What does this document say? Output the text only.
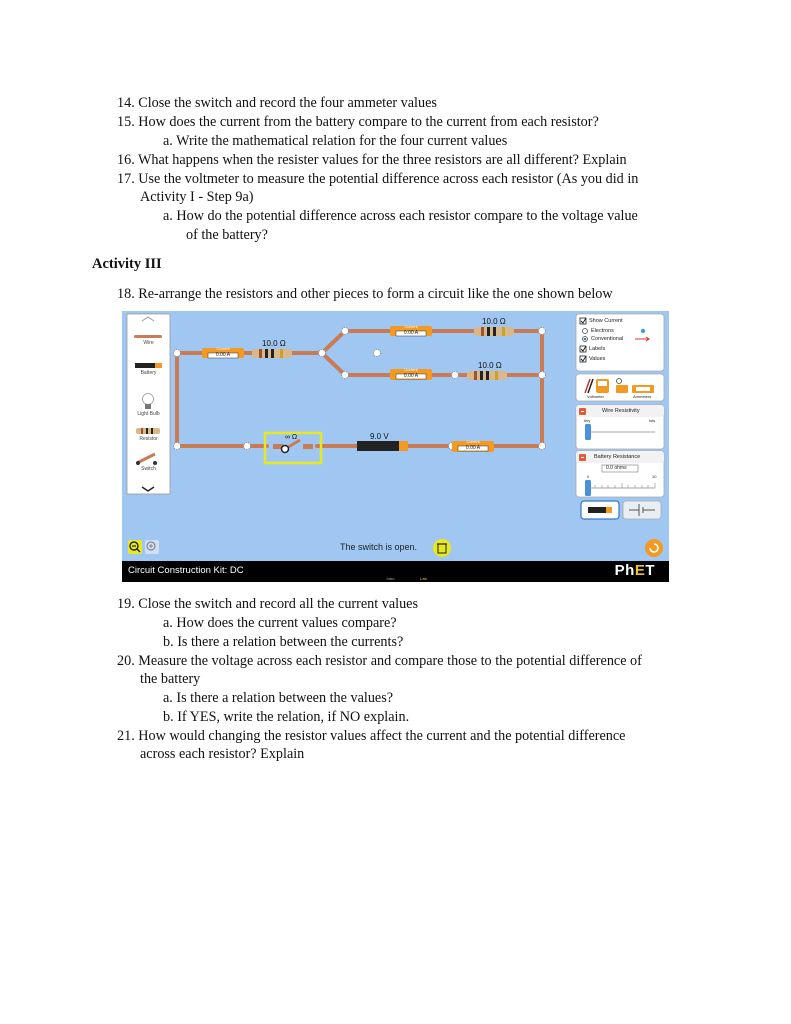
14. Close the switch and record the four ammeter values
15. How does the current from the battery compare to the current from each resistor?
a. Write the mathematical relation for the four current values
16. What happens when the resister values for the three resistors are all different? Explain
17. Use the voltmeter to measure the potential difference across each resistor (As you did in
Activity I - Step 9a)
a. How do the potential difference across each resistor compare to the voltage value
of the battery?
Activity III
18. Re-arrange the resistors and other pieces to form a circuit like the one shown below
Wire
Battery
Light Bulb
Resistor
Switch
10.0 Ω
10.0 Ω
10.0 Ω
∞ Ω	9.0 V
Current
0.00 A
Current
0.00 A
Current
0.00 A
Current
0.00 A
Show Current
Electrons
Conventional
Labels
Values
Voltmeter	Ammeters
Wire Resistivity
tiny	lots
Battery Resistance
0.0 ohms
0	10
The switch is open.
Circuit Construction Kit: DC
Intro	Lab	PhET
19. Close the switch and record all the current values
a. How does the current values compare?
b. Is there a relation between the currents?
20. Measure the voltage across each resistor and compare those to the potential difference of
the battery
a. Is there a relation between the values?
b. If YES, write the relation, if NO explain.
21. How would changing the resistor values affect the current and the potential difference
across each resistor? Explain
